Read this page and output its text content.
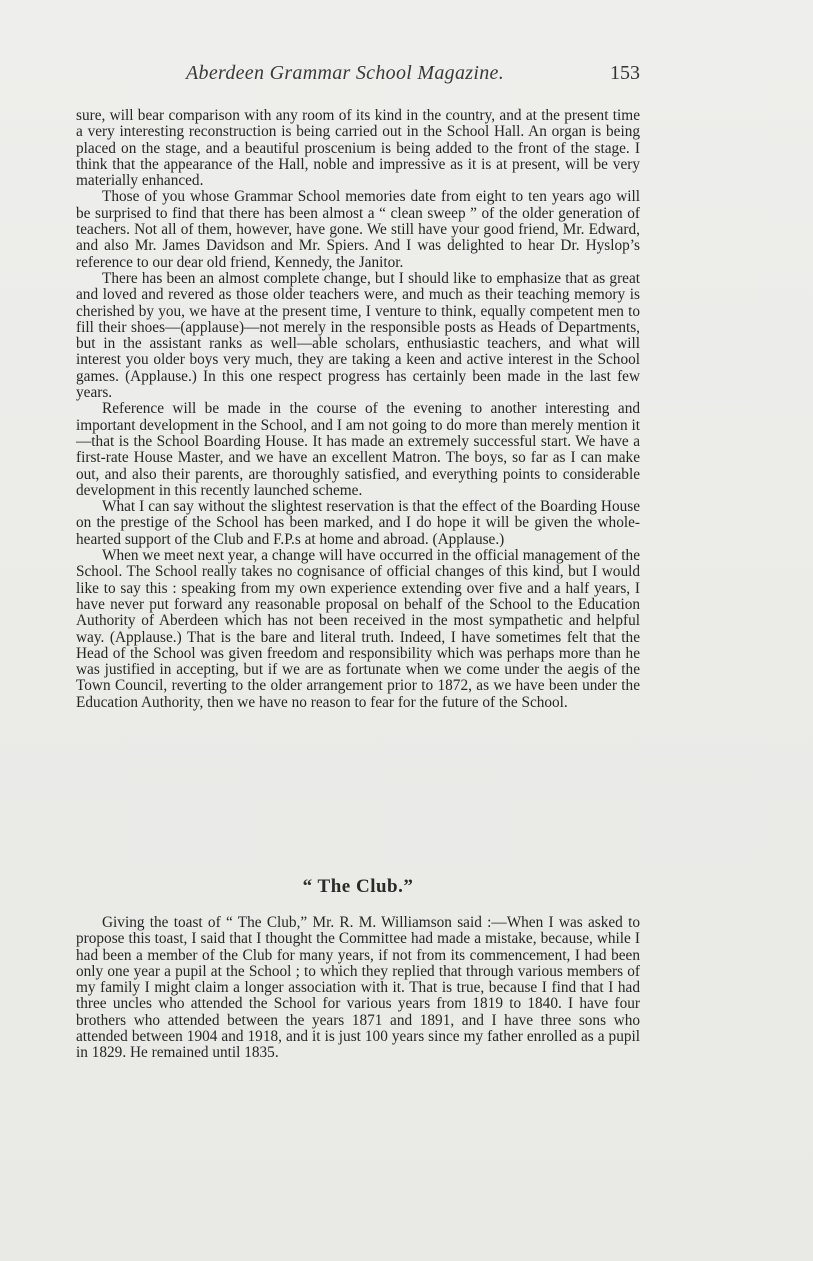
Aberdeen Grammar School Magazine.	153

sure, will bear comparison with any room of its kind in the country, and at the present time a very interesting reconstruction is being carried out in the School Hall. An organ is being placed on the stage, and a beautiful proscenium is being added to the front of the stage. I think that the appearance of the Hall, noble and impressive as it is at present, will be very materially enhanced.

Those of you whose Grammar School memories date from eight to ten years ago will be surprised to find that there has been almost a “ clean sweep ” of the older generation of teachers. Not all of them, however, have gone. We still have your good friend, Mr. Edward, and also Mr. James Davidson and Mr. Spiers. And I was delighted to hear Dr. Hyslop’s reference to our dear old friend, Kennedy, the Janitor.

There has been an almost complete change, but I should like to emphasize that as great and loved and revered as those older teachers were, and much as their teaching memory is cherished by you, we have at the present time, I venture to think, equally competent men to fill their shoes—(applause)—not merely in the responsible posts as Heads of Departments, but in the assistant ranks as well—able scholars, enthusiastic teachers, and what will interest you older boys very much, they are taking a keen and active interest in the School games. (Applause.) In this one respect progress has certainly been made in the last few years.

Reference will be made in the course of the evening to another interesting and important development in the School, and I am not going to do more than merely mention it—that is the School Boarding House. It has made an extremely successful start. We have a first-rate House Master, and we have an excellent Matron. The boys, so far as I can make out, and also their parents, are thoroughly satisfied, and everything points to considerable development in this recently launched scheme.

What I can say without the slightest reservation is that the effect of the Boarding House on the prestige of the School has been marked, and I do hope it will be given the whole-hearted support of the Club and F.P.s at home and abroad. (Applause.)

When we meet next year, a change will have occurred in the official management of the School. The School really takes no cognisance of official changes of this kind, but I would like to say this : speaking from my own experience extending over five and a half years, I have never put forward any reasonable proposal on behalf of the School to the Education Authority of Aberdeen which has not been received in the most sympathetic and helpful way. (Applause.) That is the bare and literal truth. Indeed, I have sometimes felt that the Head of the School was given freedom and responsibility which was perhaps more than he was justified in accepting, but if we are as fortunate when we come under the aegis of the Town Council, reverting to the older arrangement prior to 1872, as we have been under the Education Authority, then we have no reason to fear for the future of the School.

“ The Club.”

Giving the toast of “ The Club,” Mr. R. M. Williamson said :—When I was asked to propose this toast, I said that I thought the Committee had made a mistake, because, while I had been a member of the Club for many years, if not from its commencement, I had been only one year a pupil at the School ; to which they replied that through various members of my family I might claim a longer association with it. That is true, because I find that I had three uncles who attended the School for various years from 1819 to 1840. I have four brothers who attended between the years 1871 and 1891, and I have three sons who attended between 1904 and 1918, and it is just 100 years since my father enrolled as a pupil in 1829. He remained until 1835.
